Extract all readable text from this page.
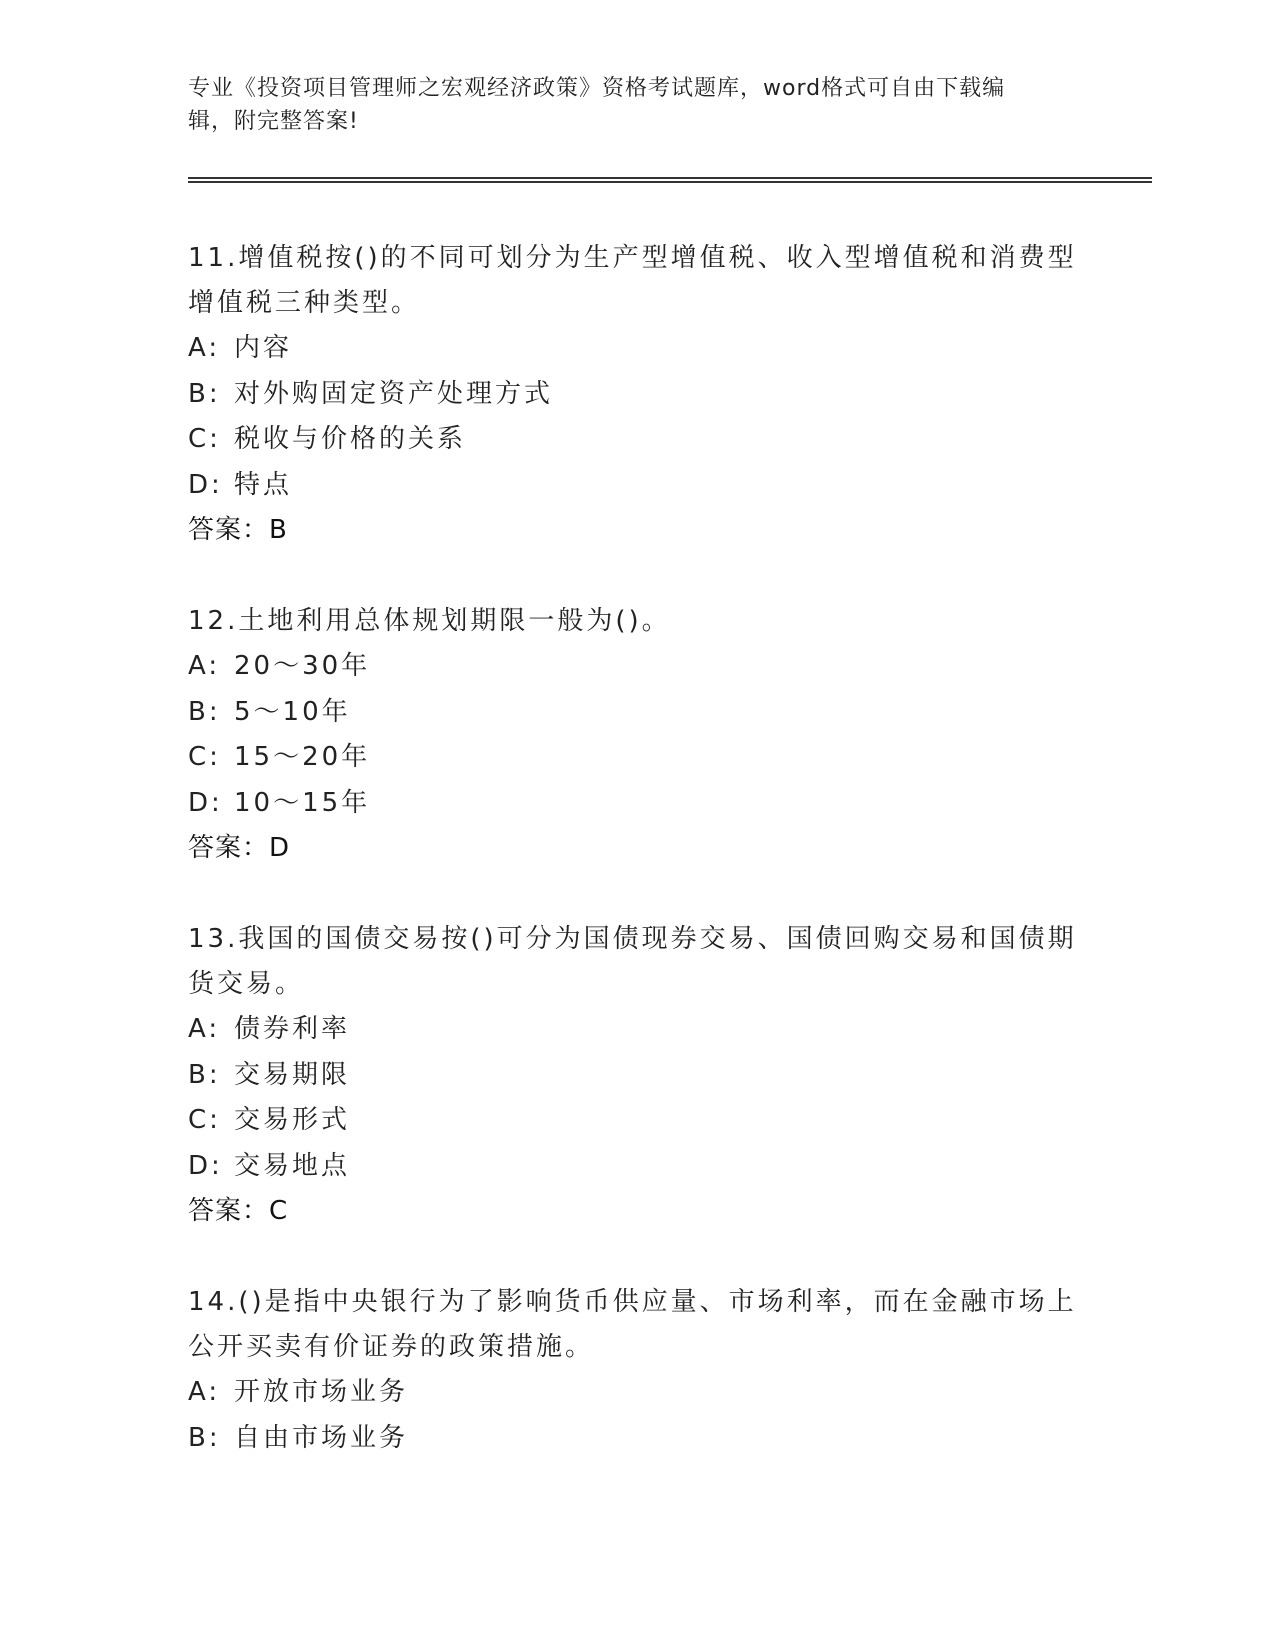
专业《投资项目管理师之宏观经济政策》资格考试题库，word格式可自由下载编
辑，附完整答案!
11.增值税按()的不同可划分为生产型增值税、收入型增值税和消费型
增值税三种类型。
A: 内容
B: 对外购固定资产处理方式
C: 税收与价格的关系
D: 特点
答案：B
12.土地利用总体规划期限一般为()。
A: 20～30年
B: 5～10年
C: 15～20年
D: 10～15年
答案：D
13.我国的国债交易按()可分为国债现券交易、国债回购交易和国债期
货交易。
A: 债券利率
B: 交易期限
C: 交易形式
D: 交易地点
答案：C
14.()是指中央银行为了影响货币供应量、市场利率，而在金融市场上
公开买卖有价证券的政策措施。
A: 开放市场业务
B: 自由市场业务
